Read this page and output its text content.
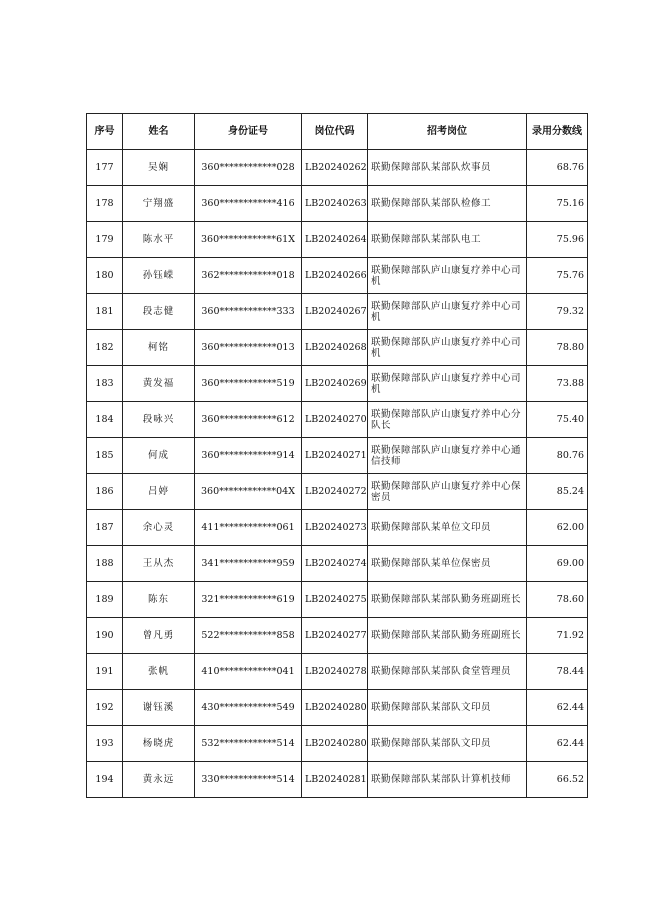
序号	姓名	身份证号	岗位代码	招考岗位	录用分数线
177	吴娴	360************028	LB20240262	联勤保障部队某部队炊事员	68.76
178	宁翔盛	360************416	LB20240263	联勤保障部队某部队检修工	75.16
179	陈水平	360************61X	LB20240264	联勤保障部队某部队电工	75.96
180	孙钰嵘	362************018	LB20240266	联勤保障部队庐山康复疗养中心司机	75.76
181	段志健	360************333	LB20240267	联勤保障部队庐山康复疗养中心司机	79.32
182	柯铭	360************013	LB20240268	联勤保障部队庐山康复疗养中心司机	78.80
183	黄发福	360************519	LB20240269	联勤保障部队庐山康复疗养中心司机	73.88
184	段咏兴	360************612	LB20240270	联勤保障部队庐山康复疗养中心分队长	75.40
185	何成	360************914	LB20240271	联勤保障部队庐山康复疗养中心通信技师	80.76
186	吕婷	360************04X	LB20240272	联勤保障部队庐山康复疗养中心保密员	85.24
187	余心灵	411************061	LB20240273	联勤保障部队某单位文印员	62.00
188	王从杰	341************959	LB20240274	联勤保障部队某单位保密员	69.00
189	陈东	321************619	LB20240275	联勤保障部队某部队勤务班副班长	78.60
190	曾凡勇	522************858	LB20240277	联勤保障部队某部队勤务班副班长	71.92
191	张帆	410************041	LB20240278	联勤保障部队某部队食堂管理员	78.44
192	谢钰溪	430************549	LB20240280	联勤保障部队某部队文印员	62.44
193	杨晓虎	532************514	LB20240280	联勤保障部队某部队文印员	62.44
194	黄永远	330************514	LB20240281	联勤保障部队某部队计算机技师	66.52
